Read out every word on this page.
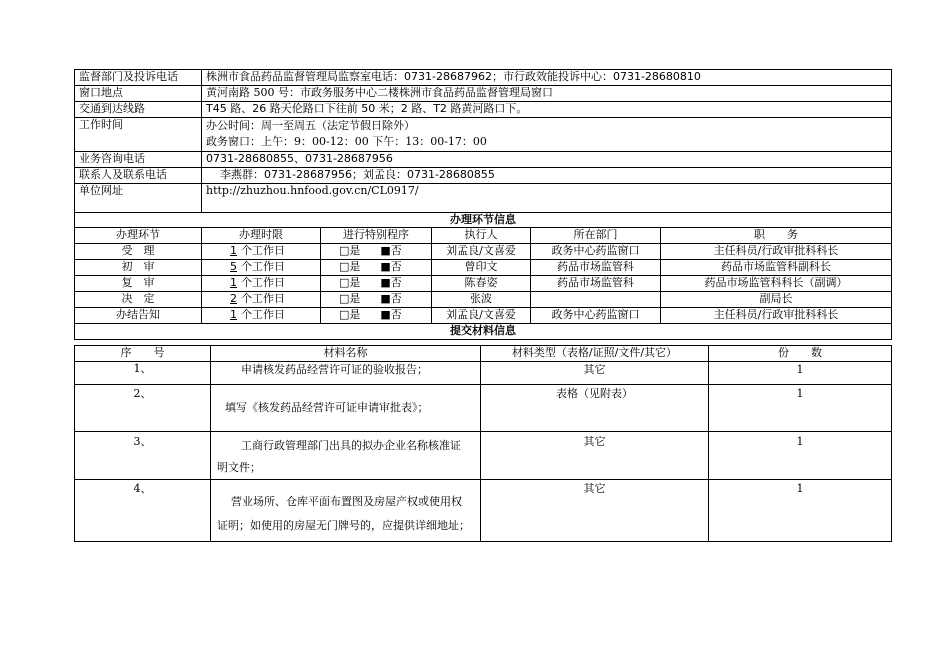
监督部门及投诉电话	株洲市食品药品监督管理局监察室电话：0731-28687962；市行政效能投诉中心：0731-28680810				
窗口地点	黄河南路 500 号：市政务服务中心二楼株洲市食品药品监督管理局窗口				
交通到达线路	T45 路、26 路天伦路口下往前 50 米；2 路、T2 路黄河路口下。				
工作时间	办公时间：周一至周五（法定节假日除外）
政务窗口：上午：9：00-12：00 下午：13：00-17：00				

业务咨询电话	0731-28680855、0731-28687956				
联系人及联系电话	李燕群：0731-28687956；刘孟良：0731-28680855				
单位网址	http://zhuzhou.hnfood.gov.cn/CL0917/				
办理环节信息					
办理环节	办理时限	进行特别程序	执行人	所在部门	职　　务
受　理	1 个工作日	□是 ■否	刘孟良/文喜爱	政务中心药监窗口	主任科员/行政审批科科长
初　审	5 个工作日	□是 ■否	曾印文	药品市场监管科	药品市场监管科副科长
复　审	1 个工作日	□是 ■否	陈春姿	药品市场监管科	药品市场监管科科长（副调）
决　定	2 个工作日	□是 ■否	张波		副局长
办结告知	1 个工作日	□是 ■否	刘孟良/文喜爱	政务中心药监窗口	主任科员/行政审批科科长
提交材料信息					
序　　号	材料名称	材料类型（表格/证照/文件/其它）	份　　数
1、	申请核发药品经营许可证的验收报告；	其它	1
2、	填写《核发药品经营许可证申请审批表》；	表格（见附表）	1
3、	工商行政管理部门出具的拟办企业名称核准证
明文件；	其它	1
4、	营业场所、仓库平面布置图及房屋产权或使用权
证明；如使用的房屋无门牌号的，应提供详细地址；	其它	1
